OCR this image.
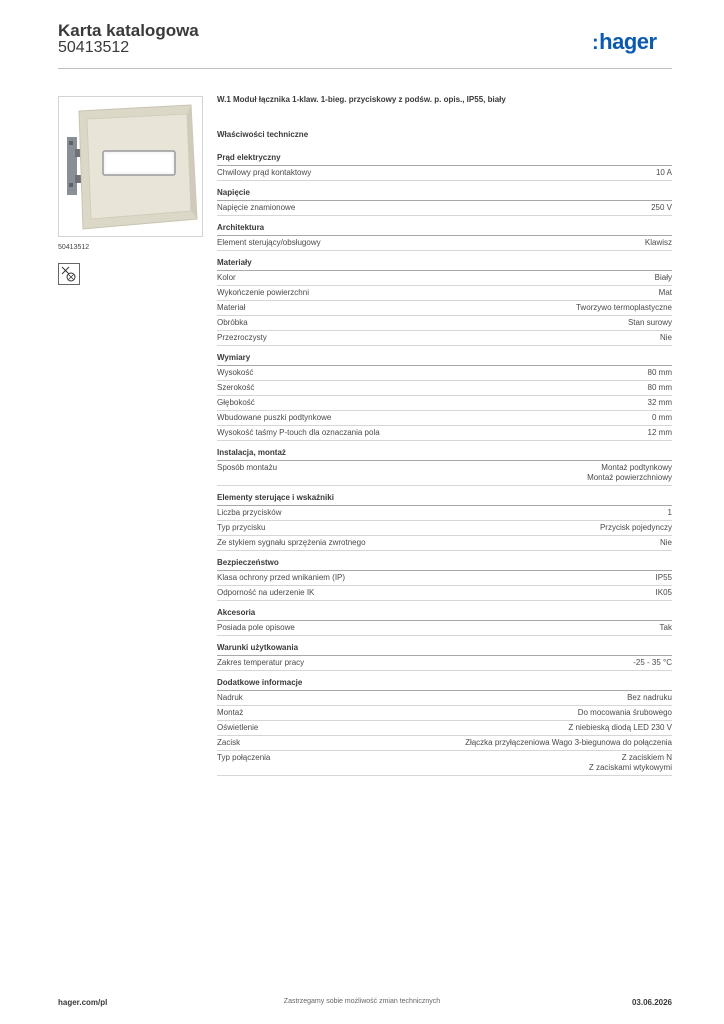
Karta katalogowa
50413512	:hager
50413512
W.1 Moduł łącznika 1-klaw. 1-bieg. przyciskowy z podśw. p. opis., IP55, biały
Właściwości techniczne
Prąd elektryczny
Chwilowy prąd kontaktowy	10 A
Napięcie
Napięcie znamionowe	250 V
Architektura
Element sterujący/obsługowy	Klawisz
Materiały
Kolor	Biały
Wykończenie powierzchni	Mat
Materiał	Tworzywo termoplastyczne
Obróbka	Stan surowy
Przezroczysty	Nie
Wymiary
Wysokość	80 mm
Szerokość	80 mm
Głębokość	32 mm
Wbudowane puszki podtynkowe	0 mm
Wysokość taśmy P-touch dla oznaczania pola	12 mm
Instalacja, montaż
Sposób montażu	Montaż podtynkowy
Montaż powierzchniowy
Elementy sterujące i wskaźniki
Liczba przycisków	1
Typ przycisku	Przycisk pojedynczy
Ze stykiem sygnału sprzężenia zwrotnego	Nie
Bezpieczeństwo
Klasa ochrony przed wnikaniem (IP)	IP55
Odporność na uderzenie IK	IK05
Akcesoria
Posiada pole opisowe	Tak
Warunki użytkowania
Zakres temperatur pracy	-25 - 35 °C
Dodatkowe informacje
Nadruk	Bez nadruku
Montaż	Do mocowania śrubowego
Oświetlenie	Z niebieską diodą LED 230 V
Zacisk	Złączka przyłączeniowa Wago 3-biegunowa do połączenia
Typ połączenia	Z zaciskiem N
Z zaciskami wtykowymi
hager.com/pl	Zastrzegamy sobie możliwość zmian technicznych	03.06.2026
